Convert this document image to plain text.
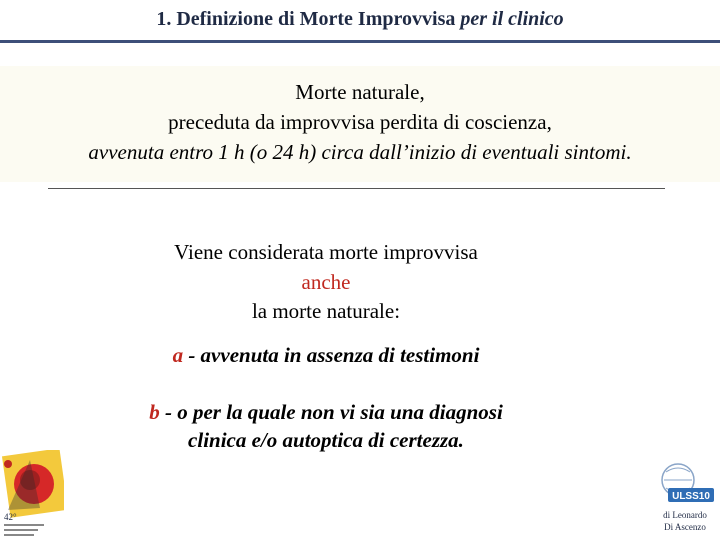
1. Definizione di Morte Improvvisa per il clinico
Morte naturale,
preceduta da improvvisa perdita di coscienza,
avvenuta entro 1 h (o 24 h) circa dall’inizio di eventuali sintomi.
Viene considerata morte improvvisa
anche
la morte naturale:
a - avvenuta in assenza di testimoni
b - o per la quale non vi sia una diagnosi
clinica e/o autoptica di certezza.
42°
ULSS10
di Leonardo
Di Ascenzo
